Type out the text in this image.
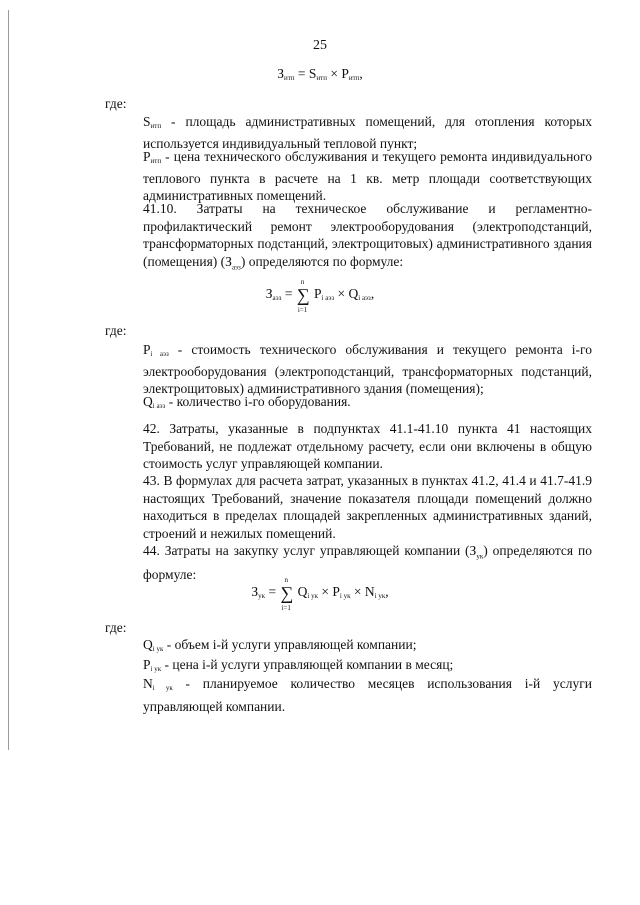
25
$З_{итп} = S_{итп} \times P_{итп}$,
где:
$S_{итп}$ - площадь административных помещений, для отопления которых используется индивидуальный тепловой пункт;
$P_{итп}$ - цена технического обслуживания и текущего ремонта индивидуального теплового пункта в расчете на 1 кв. метр площади соответствующих административных помещений.
41.10. Затраты на техническое обслуживание и регламентно-профилактический ремонт электрооборудования (электроподстанций, трансформаторных подстанций, электрощитовых) административного здания (помещения) $(З_{аэз})$ определяются по формуле:
$З_{аэз}$ = ∑
n
i=1
$P_{i аэз} \times Q_{i аэз}$,
где:
$P_{i аэз}$ - стоимость технического обслуживания и текущего ремонта i-го электрооборудования (электроподстанций, трансформаторных подстанций, электрощитовых) административного здания (помещения);
$Q_{i аэз}$ - количество i-го оборудования.
42. Затраты, указанные в подпунктах 41.1-41.10 пункта 41 настоящих Требований, не подлежат отдельному расчету, если они включены в общую стоимость услуг управляющей компании.
43. В формулах для расчета затрат, указанных в пунктах 41.2, 41.4 и 41.7-41.9 настоящих Требований, значение показателя площади помещений должно находиться в пределах площадей закрепленных административных зданий, строений и нежилых помещений.
44. Затраты на закупку услуг управляющей компании $(З_{ук})$ определяются по формуле:
$З_{ук}$ = ∑
n
i=1
$Q_{i ук} \times P_{i ук} \times N_{i ук}$,
где:
$Q_{i ук}$ - объем i-й услуги управляющей компании;
$P_{i ук}$ - цена i-й услуги управляющей компании в месяц;
$N_{i ук}$ - планируемое количество месяцев использования i-й услуги управляющей компании.
